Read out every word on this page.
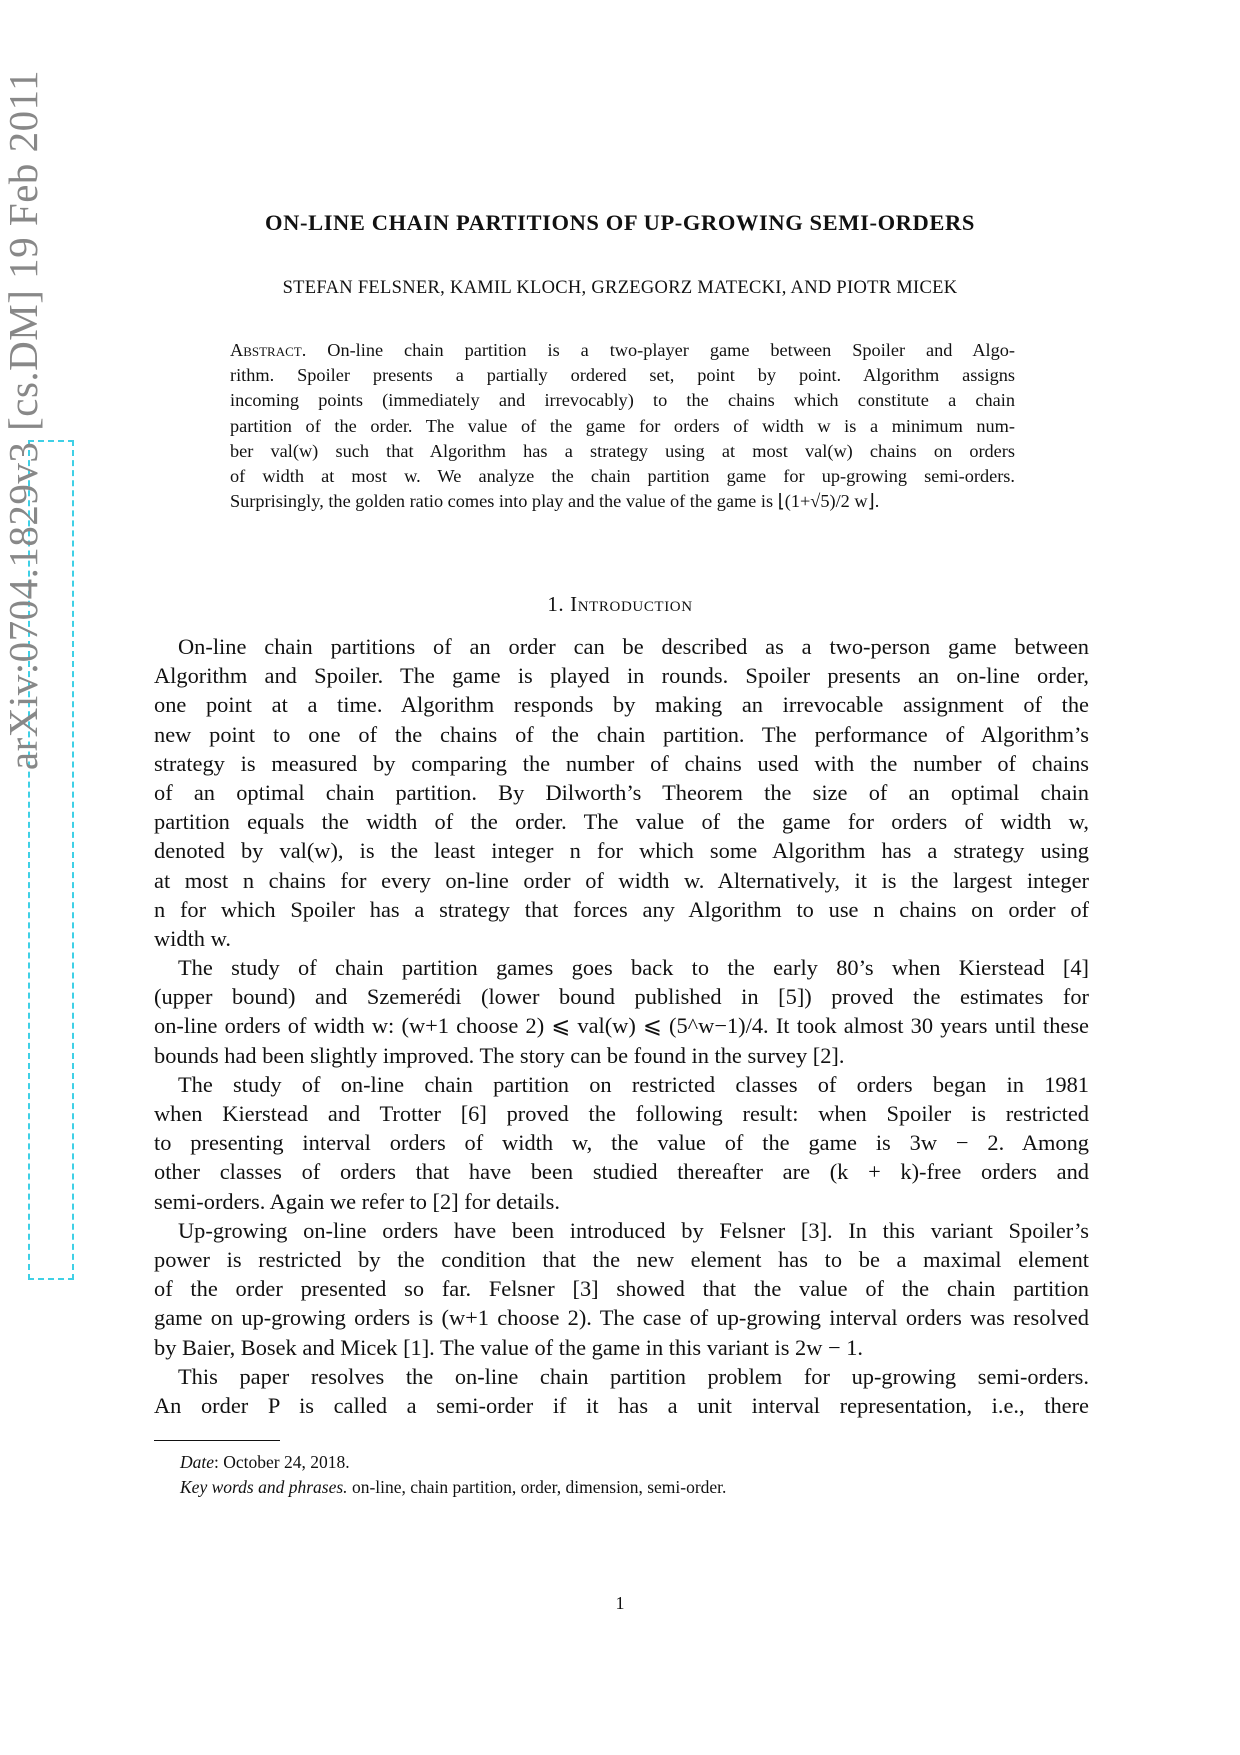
arXiv:0704.1829v3 [cs.DM] 19 Feb 2011	ON-LINE CHAIN PARTITIONS OF UP-GROWING SEMI-ORDERS
STEFAN FELSNER, KAMIL KLOCH, GRZEGORZ MATECKI, AND PIOTR MICEK
Abstract. On-line chain partition is a two-player game between Spoiler and Algo-
rithm. Spoiler presents a partially ordered set, point by point. Algorithm assigns
incoming points (immediately and irrevocably) to the chains which constitute a chain
partition of the order. The value of the game for orders of width w is a minimum num-
ber val(w) such that Algorithm has a strategy using at most val(w) chains on orders
of width at most w. We analyze the chain partition game for up-growing semi-orders.
Surprisingly, the golden ratio comes into play and the value of the game is ⌊(1+√5)/2 w⌋.
1. Introduction
On-line chain partitions of an order can be described as a two-person game between
Algorithm and Spoiler. The game is played in rounds. Spoiler presents an on-line order,
one point at a time. Algorithm responds by making an irrevocable assignment of the
new point to one of the chains of the chain partition. The performance of Algorithm’s
strategy is measured by comparing the number of chains used with the number of chains
of an optimal chain partition. By Dilworth’s Theorem the size of an optimal chain
partition equals the width of the order. The value of the game for orders of width w,
denoted by val(w), is the least integer n for which some Algorithm has a strategy using
at most n chains for every on-line order of width w. Alternatively, it is the largest integer
n for which Spoiler has a strategy that forces any Algorithm to use n chains on order of
width w.
The study of chain partition games goes back to the early 80’s when Kierstead [4]
(upper bound) and Szemerédi (lower bound published in [5]) proved the estimates for
on-line orders of width w: (w+1 choose 2) ⩽ val(w) ⩽ (5^w−1)/4. It took almost 30 years until these
bounds had been slightly improved. The story can be found in the survey [2].
The study of on-line chain partition on restricted classes of orders began in 1981
when Kierstead and Trotter [6] proved the following result: when Spoiler is restricted
to presenting interval orders of width w, the value of the game is 3w − 2. Among
other classes of orders that have been studied thereafter are (k + k)-free orders and
semi-orders. Again we refer to [2] for details.
Up-growing on-line orders have been introduced by Felsner [3]. In this variant Spoiler’s
power is restricted by the condition that the new element has to be a maximal element
of the order presented so far. Felsner [3] showed that the value of the chain partition
game on up-growing orders is (w+1 choose 2). The case of up-growing interval orders was resolved
by Baier, Bosek and Micek [1]. The value of the game in this variant is 2w − 1.
This paper resolves the on-line chain partition problem for up-growing semi-orders.
An order P is called a semi-order if it has a unit interval representation, i.e., there
Date: October 24, 2018.
Key words and phrases. on-line, chain partition, order, dimension, semi-order.
1
